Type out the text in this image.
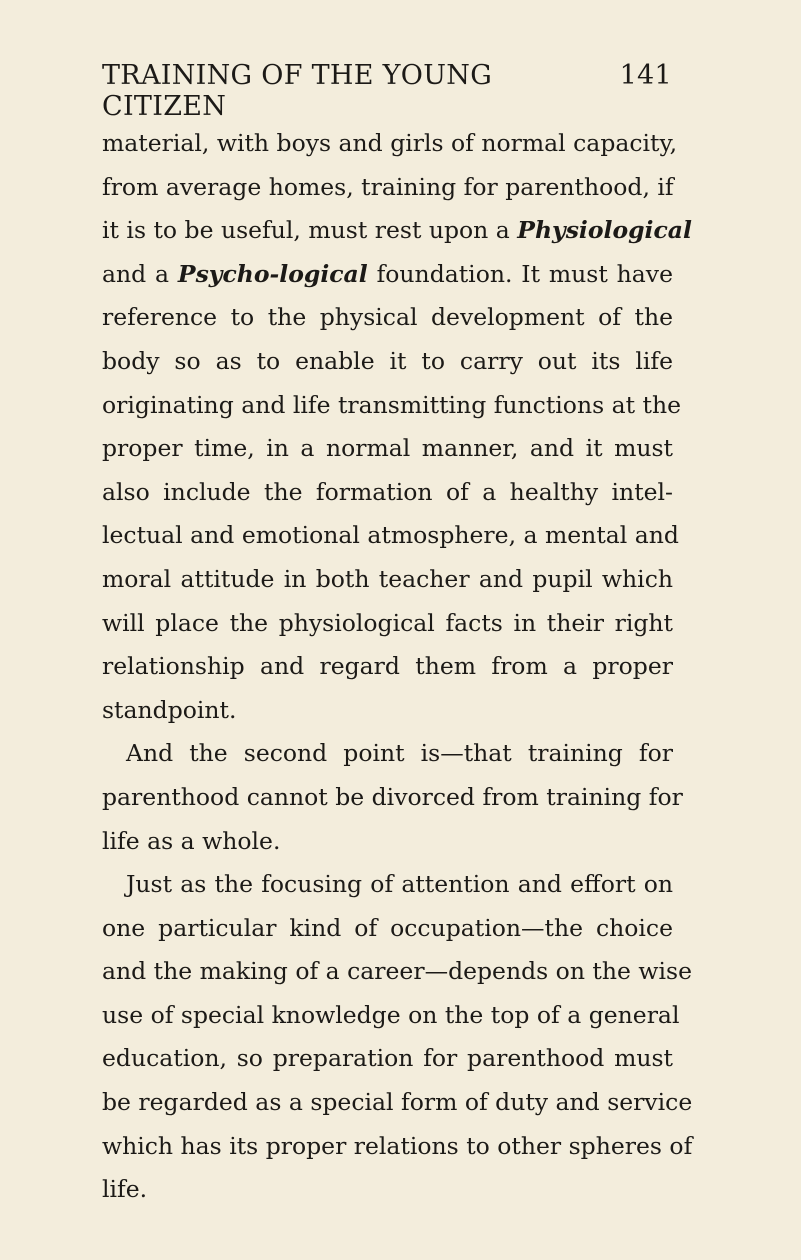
TRAINING OF THE YOUNG CITIZEN
141
material, with boys and girls of normal capacity,
from average homes, training for parenthood, if
it is to be useful, must rest upon a Physiological
and a Psycho-logical foundation. It must have
reference to the physical development of the
body so as to enable it to carry out its life
originating and life transmitting functions at the
proper time, in a normal manner, and it must
also include the formation of a healthy intel-
lectual and emotional atmosphere, a mental and
moral attitude in both teacher and pupil which
will place the physiological facts in their right
relationship and regard them from a proper
standpoint.
And the second point is—that training for
parenthood cannot be divorced from training for
life as a whole.
Just as the focusing of attention and effort on
one particular kind of occupation—the choice
and the making of a career—depends on the wise
use of special knowledge on the top of a general
education, so preparation for parenthood must
be regarded as a special form of duty and service
which has its proper relations to other spheres of
life.
